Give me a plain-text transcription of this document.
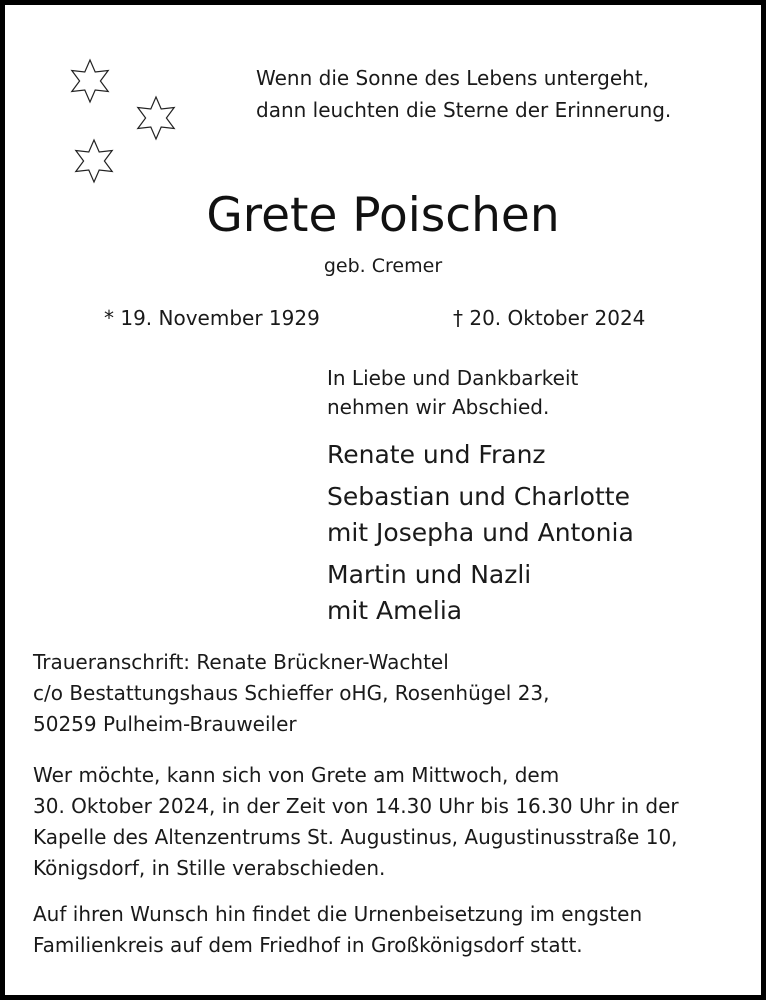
Wenn die Sonne des Lebens untergeht,
dann leuchten die Sterne der Erinnerung.
Grete Poischen
geb. Cremer
* 19. November 1929	† 20. Oktober 2024
In Liebe und Dankbarkeit
nehmen wir Abschied.
Renate und Franz
Sebastian und Charlotte
mit Josepha und Antonia
Martin und Nazli
mit Amelia
Traueranschrift: Renate Brückner-Wachtel
c/o Bestattungshaus Schieffer oHG, Rosenhügel 23,
50259 Pulheim-Brauweiler
Wer möchte, kann sich von Grete am Mittwoch, dem
30. Oktober 2024, in der Zeit von 14.30 Uhr bis 16.30 Uhr in der
Kapelle des Altenzentrums St. Augustinus, Augustinusstraße 10,
Königsdorf, in Stille verabschieden.
Auf ihren Wunsch hin findet die Urnenbeisetzung im engsten
Familienkreis auf dem Friedhof in Großkönigsdorf statt.
